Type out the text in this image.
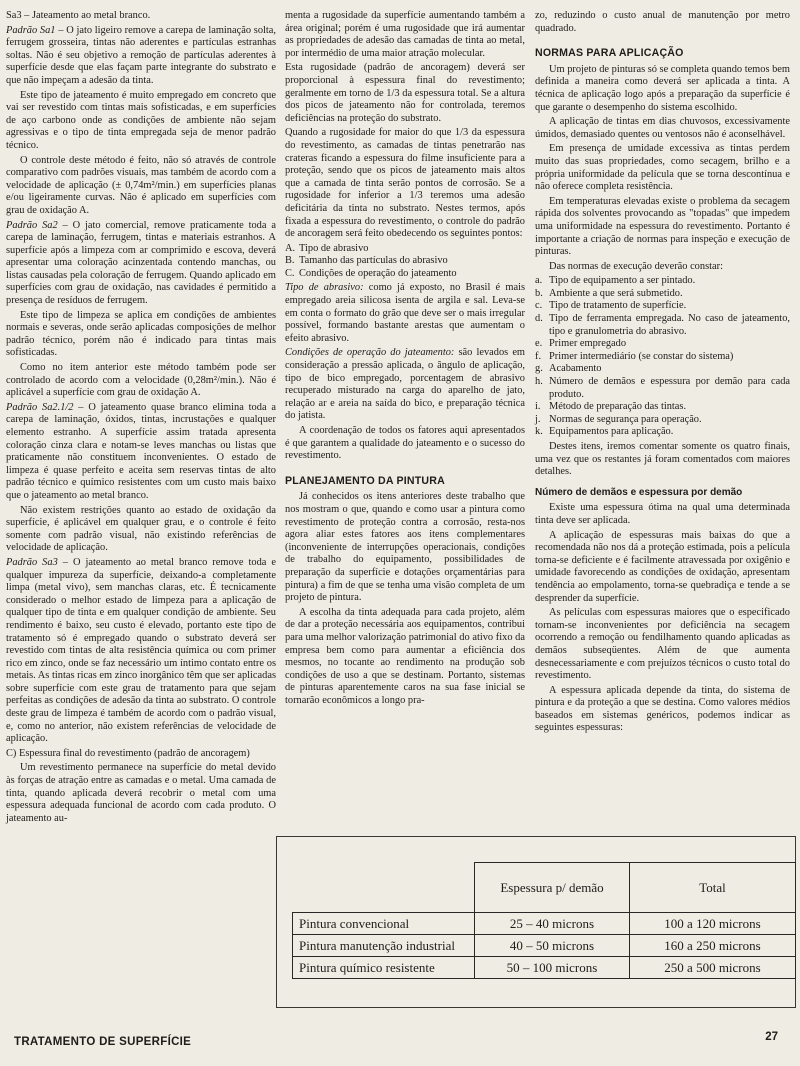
Sa3 – Jateamento ao metal branco.

Padrão Sa1 – O jato ligeiro remove a carepa de laminação solta, ferrugem grosseira, tintas não aderentes e partículas estranhas soltas. Não é seu objetivo a remoção de partículas aderentes à superfície desde que elas façam parte integrante do substrato e que não impeçam a adesão da tinta.

Este tipo de jateamento é muito empregado em concreto que vai ser revestido com tintas mais sofisticadas, e em superfícies de aço carbono onde as condições de ambiente não sejam agressivas e o tipo de tinta empregada seja de menor padrão técnico.

O controle deste método é feito, não só através de controle comparativo com padrões visuais, mas também de acordo com a velocidade de aplicação (± 0,74m²/min.) em superfícies planas e/ou ligeiramente curvas. Não é aplicado em superfícies com grau de oxidação A.

Padrão Sa2 – O jato comercial, remove praticamente toda a carepa de laminação, ferrugem, tintas e materiais estranhos. A superfície após a limpeza com ar comprimido e escova, deverá apresentar uma coloração acinzentada contendo manchas, ou listas causadas pela coloração de ferrugem. Quando aplicado em superfícies com grau de oxidação, nas cavidades é permitido a presença de resíduos de ferrugem.

Este tipo de limpeza se aplica em condições de ambientes normais e severas, onde serão aplicadas composições de melhor padrão técnico, porém não é indicado para tintas mais sofisticadas.

Como no item anterior este método também pode ser controlado de acordo com a velocidade (0,28m²/min.). Não é aplicável a superfície com grau de oxidação A.

Padrão Sa2.1/2 – O jateamento quase branco elimina toda a carepa de laminação, óxidos, tintas, incrustações e qualquer elemento estranho. A superfície assim tratada apresenta coloração cinza clara e notam-se leves manchas ou listas que praticamente não constituem inconvenientes. O estado de limpeza é quase perfeito e aceita sem reservas tintas de alto padrão técnico e químico resistentes com um custo mais baixo que o jateamento ao metal branco.

Não existem restrições quanto ao estado de oxidação da superfície, é aplicável em qualquer grau, e o controle é feito somente com padrão visual, não existindo referências de velocidade de aplicação.

Padrão Sa3 – O jateamento ao metal branco remove toda e qualquer impureza da superfície, deixando-a completamente limpa (metal vivo), sem manchas claras, etc. É tecnicamente considerado o melhor estado de limpeza para a aplicação de qualquer tipo de tinta e em qualquer condição de ambiente. Seu rendimento é baixo, seu custo é elevado, portanto este tipo de tratamento só é empregado quando o substrato deverá ser revestido com tintas de alta resistência química ou com primer rico em zinco, onde se faz necessário um íntimo contato entre os metais. As tintas ricas em zinco inorgânico têm que ser aplicadas sobre superfície com este grau de tratamento para que sejam perfeitas as condições de adesão da tinta ao substrato. O controle deste grau de limpeza é também de acordo com o padrão visual, e, como no anterior, não existem referências de velocidade de aplicação.

C) Espessura final do revestimento (padrão de ancoragem)

Um revestimento permanece na superfície do metal devido às forças de atração entre as camadas e o metal. Uma camada de tinta, quando aplicada deverá recobrir o metal com uma espessura adequada funcional de acordo com cada produto. O jateamento au-

menta a rugosidade da superfície aumentando também a área original; porém é uma rugosidade que irá aumentar as propriedades de adesão das camadas de tinta ao metal, por intermédio de uma maior atração molecular.

Esta rugosidade (padrão de ancoragem) deverá ser proporcional à espessura final do revestimento; geralmente em torno de 1/3 da espessura total. Se a altura dos picos de jateamento não for controlada, teremos deficiências na proteção do substrato.

Quando a rugosidade for maior do que 1/3 da espessura do revestimento, as camadas de tintas penetrarão nas crateras ficando a espessura do filme insuficiente para a proteção, sendo que os picos de jateamento mais altos que a camada de tinta serão pontos de corrosão. Se a rugosidade for inferior a 1/3 teremos uma adesão deficitária da tinta no substrato. Nestes termos, após fixada a espessura do revestimento, o controle do padrão de ancoragem será feito obedecendo os seguintes pontos:

A. Tipo de abrasivo
B. Tamanho das partículas do abrasivo
C. Condições de operação do jateamento

Tipo de abrasivo: como já exposto, no Brasil é mais empregado areia silicosa isenta de argila e sal. Leva-se em conta o formato do grão que deve ser o mais irregular possível, formando bastante arestas que aumentam o efeito abrasivo.

Condições de operação do jateamento: são levados em consideração a pressão aplicada, o ângulo de aplicação, tipo de bico empregado, porcentagem de abrasivo recuperado misturado na carga do aparelho de jato, relação ar e areia na saída do bico, e preparação técnica do jatista.

A coordenação de todos os fatores aqui apresentados é que garantem a qualidade do jateamento e o sucesso do revestimento.

PLANEJAMENTO DA PINTURA

Já conhecidos os itens anteriores deste trabalho que nos mostram o que, quando e como usar a pintura como revestimento de proteção contra a corrosão, resta-nos agora aliar estes fatores aos itens complementares (inconveniente de interrupções operacionais, condições de trabalho do equipamento, possibilidades de preparação da superfície e dotações orçamentárias para pintura) a fim de que se tenha uma visão completa de um projeto de pintura.

A escolha da tinta adequada para cada projeto, além de dar a proteção necessária aos equipamentos, contribui para uma melhor valorização patrimonial do ativo fixo da empresa bem como para aumentar a eficiência dos mesmos, no tocante ao rendimento na produção sob condições de uso a que se destinam. Portanto, sistemas de pinturas aparentemente caros na sua fase inicial se tornarão econômicos a longo pra-

zo, reduzindo o custo anual de manutenção por metro quadrado.

NORMAS PARA APLICAÇÃO

Um projeto de pinturas só se completa quando temos bem definida a maneira como deverá ser aplicada a tinta. A técnica de aplicação logo após a preparação da superfície é que garante o desempenho do sistema escolhido.

A aplicação de tintas em dias chuvosos, excessivamente úmidos, demasiado quentes ou ventosos não é aconselhável.

Em presença de umidade excessiva as tintas perdem muito das suas propriedades, como secagem, brilho e a própria uniformidade da película que se torna descontínua e não oferece completa resistência.

Em temperaturas elevadas existe o problema da secagem rápida dos solventes provocando as "topadas" que impedem uma uniformidade na espessura do revestimento. Portanto é importante a criação de normas para inspeção e execução de pinturas.

Das normas de execução deverão constar:

a. Tipo de equipamento a ser pintado.
b. Ambiente a que será submetido.
c. Tipo de tratamento de superfície.
d. Tipo de ferramenta empregada. No caso de jateamento, tipo e granulometria do abrasivo.
e. Primer empregado
f. Primer intermediário (se constar do sistema)
g. Acabamento
h. Número de demãos e espessura por demão para cada produto.
i. Método de preparação das tintas.
j. Normas de segurança para operação.
k. Equipamentos para aplicação.

Destes itens, iremos comentar somente os quatro finais, uma vez que os restantes já foram comentados com maiores detalhes.

Número de demãos e espessura por demão

Existe uma espessura ótima na qual uma determinada tinta deve ser aplicada.

A aplicação de espessuras mais baixas do que a recomendada não nos dá a proteção estimada, pois a película torna-se deficiente e é facilmente atravessada por oxigênio e umidade favorecendo as condições de oxidação, apresentam tendência ao empolamento, torna-se quebradiça e tende a se desprender da superfície.

As películas com espessuras maiores que o especificado tornam-se inconvenientes por deficiência na secagem ocorrendo a remoção ou fendilhamento quando aplicadas as demãos subseqüentes. Além de que aumenta desnecessariamente e com prejuízos técnicos o custo total do revestimento.

A espessura aplicada depende da tinta, do sistema de pintura e da proteção a que se destina. Como valores médios baseados em sistemas genéricos, podemos indicar as seguintes espessuras:

	Espessura p/ demão	Total
Pintura convencional	25 – 40 microns	100 a 120 microns
Pintura manutenção industrial	40 – 50 microns	160 a 250 microns
Pintura químico resistente	50 – 100 microns	250 a 500 microns
TRATAMENTO DE SUPERFÍCIE	27
